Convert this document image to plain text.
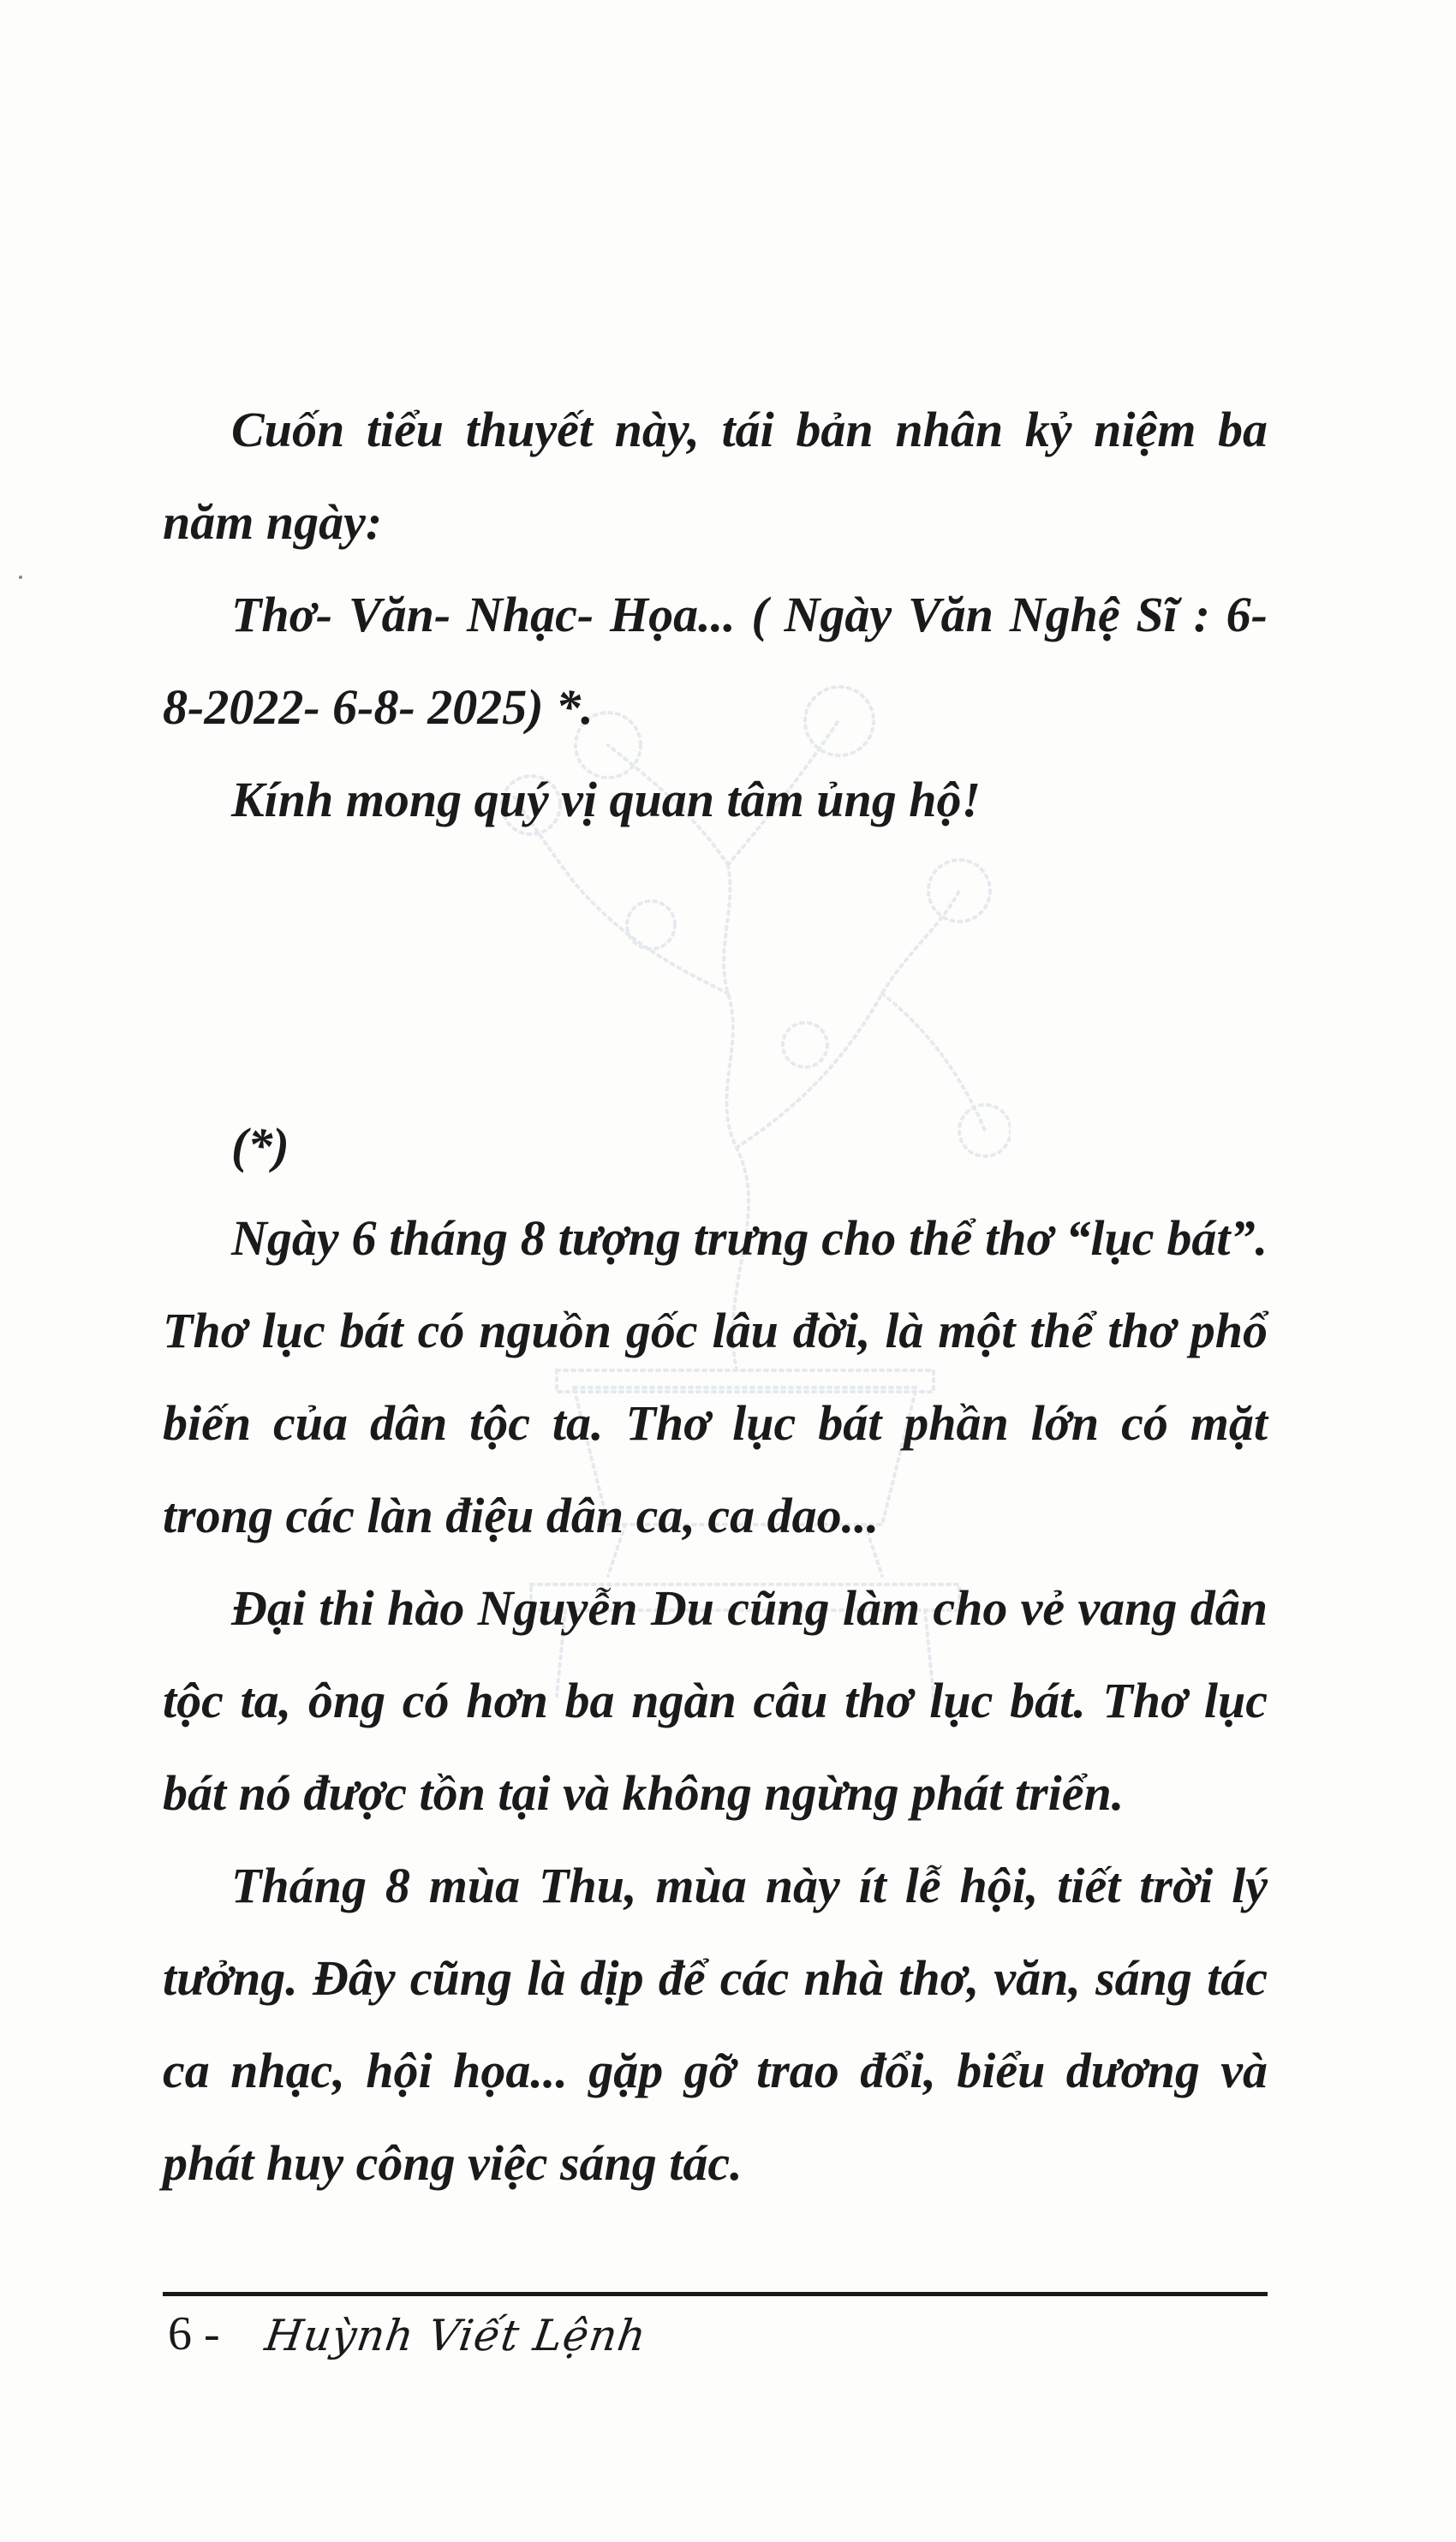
Cuốn tiểu thuyết này, tái bản nhân kỷ niệm ba năm ngày:

Thơ- Văn- Nhạc- Họa... ( Ngày Văn Nghệ Sĩ : 6-8-2022- 6-8- 2025) *.

Kính mong quý vị quan tâm ủng hộ!

(*)

Ngày 6 tháng 8 tượng trưng cho thể thơ “lục bát”. Thơ lục bát có nguồn gốc lâu đời, là một thể thơ phổ biến của dân tộc ta. Thơ lục bát phần lớn có mặt trong các làn điệu dân ca, ca dao...

Đại thi hào Nguyễn Du cũng làm cho vẻ vang dân tộc ta, ông có hơn ba ngàn câu thơ lục bát. Thơ lục bát nó được tồn tại và không ngừng phát triển.

Tháng 8 mùa Thu, mùa này ít lễ hội, tiết trời lý tưởng. Đây cũng là dịp để các nhà thơ, văn, sáng tác ca nhạc, hội họa... gặp gỡ trao đổi, biểu dương và phát huy công việc sáng tác.

6 - Huỳnh Viết Lệnh
